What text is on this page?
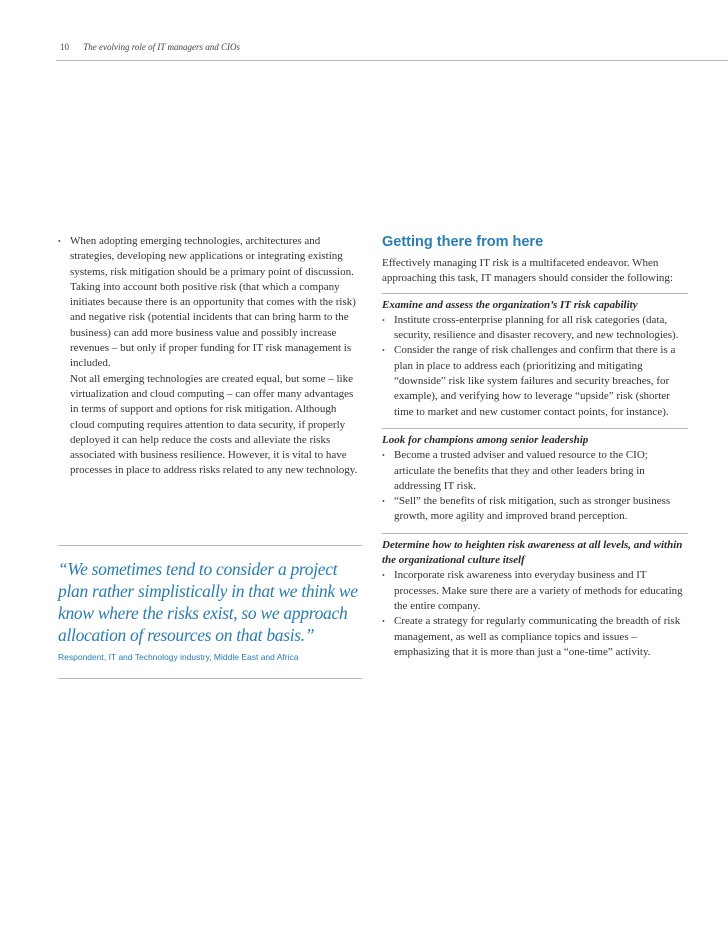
10 The evolving role of IT managers and CIOs

• When adopting emerging technologies, architectures and strategies, developing new applications or integrating existing systems, risk mitigation should be a primary point of discussion. Taking into account both positive risk (that which a company initiates because there is an opportunity that comes with the risk) and negative risk (potential incidents that can bring harm to the business) can add more business value and possibly increase revenues – but only if proper funding for IT risk management is included.

Not all emerging technologies are created equal, but some – like virtualization and cloud computing – can offer many advantages in terms of support and options for risk mitigation. Although cloud computing requires attention to data security, if properly deployed it can help reduce the costs and alleviate the risks associated with business resilience. However, it is vital to have processes in place to address risks related to any new technology.

“We sometimes tend to consider a project plan rather simplistically in that we think we know where the risks exist, so we approach allocation of resources on that basis.”

Respondent, IT and Technology industry, Middle East and Africa

Getting there from here

Effectively managing IT risk is a multifaceted endeavor. When approaching this task, IT managers should consider the following:

Examine and assess the organization’s IT risk capability

• Institute cross-enterprise planning for all risk categories (data, security, resilience and disaster recovery, and new technologies).

• Consider the range of risk challenges and confirm that there is a plan in place to address each (prioritizing and mitigating “downside” risk like system failures and security breaches, for example), and verifying how to leverage “upside” risk (shorter time to market and new customer contact points, for instance).

Look for champions among senior leadership

• Become a trusted adviser and valued resource to the CIO; articulate the benefits that they and other leaders bring in addressing IT risk.

• “Sell” the benefits of risk mitigation, such as stronger business growth, more agility and improved brand perception.

Determine how to heighten risk awareness at all levels, and within the organizational culture itself

• Incorporate risk awareness into everyday business and IT processes. Make sure there are a variety of methods for educating the entire company.

• Create a strategy for regularly communicating the breadth of risk management, as well as compliance topics and issues – emphasizing that it is more than just a “one-time” activity.
